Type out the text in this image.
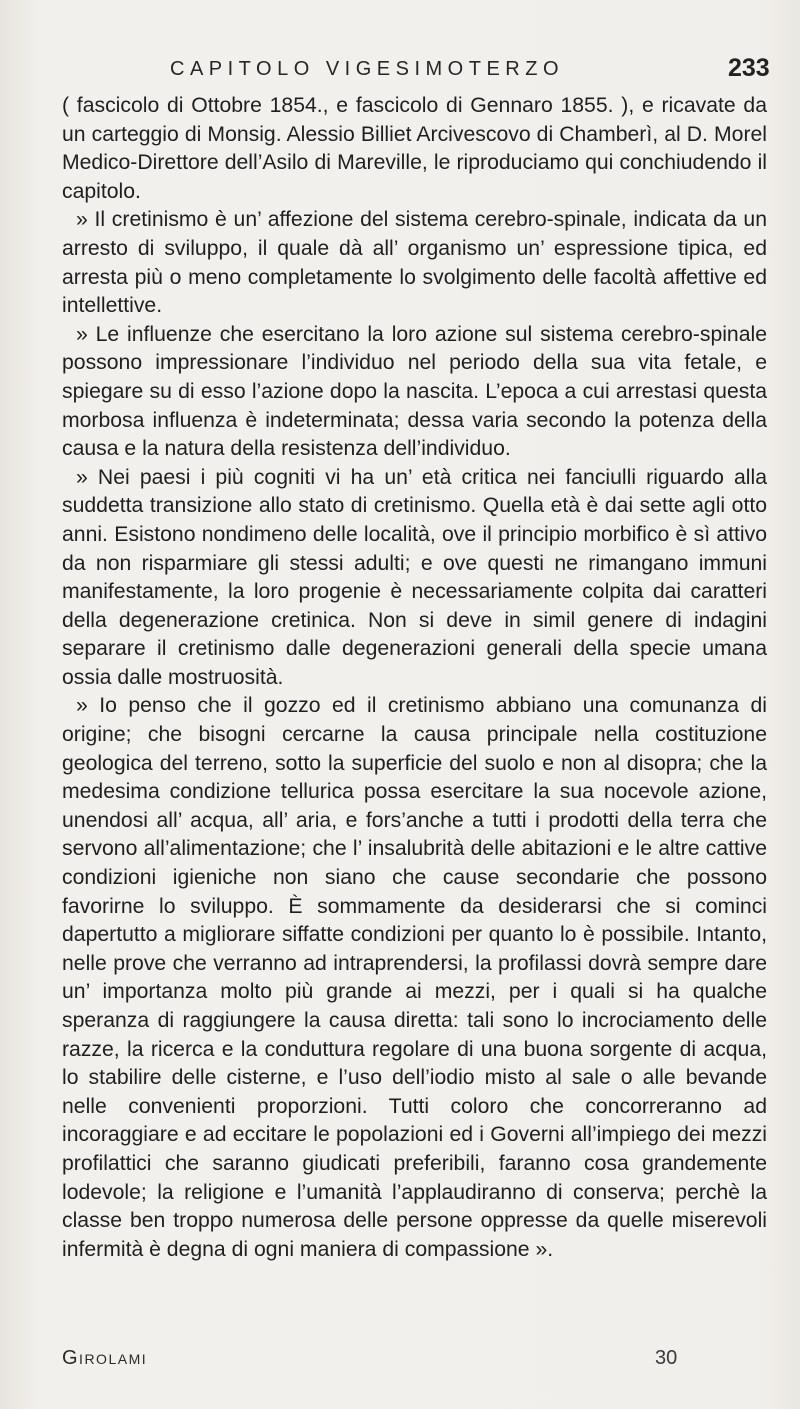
CAPITOLO VIGESIMOTERZO	233

( fascicolo di Ottobre 1854., e fascicolo di Gennaro 1855. ), e ricavate da un carteggio di Monsig. Alessio Billiet Arcivescovo di Chamberì, al D. Morel Medico-Direttore dell’Asilo di Mareville, le riproduciamo qui conchiudendo il capitolo.

» Il cretinismo è un’ affezione del sistema cerebro-spinale, indicata da un arresto di sviluppo, il quale dà all’ organismo un’ espressione tipica, ed arresta più o meno completamente lo svolgimento delle facoltà affettive ed intellettive.

» Le influenze che esercitano la loro azione sul sistema cerebro-spinale possono impressionare l’individuo nel periodo della sua vita fetale, e spiegare su di esso l’azione dopo la nascita. L’epoca a cui arrestasi questa morbosa influenza è indeterminata; dessa varia secondo la potenza della causa e la natura della resistenza dell’individuo.

» Nei paesi i più cogniti vi ha un’ età critica nei fanciulli riguardo alla suddetta transizione allo stato di cretinismo. Quella età è dai sette agli otto anni. Esistono nondimeno delle località, ove il principio morbifico è sì attivo da non risparmiare gli stessi adulti; e ove questi ne rimangano immuni manifestamente, la loro progenie è necessariamente colpita dai caratteri della degenerazione cretinica. Non si deve in simil genere di indagini separare il cretinismo dalle degenerazioni generali della specie umana ossia dalle mostruosità.

» Io penso che il gozzo ed il cretinismo abbiano una comunanza di origine; che bisogni cercarne la causa principale nella costituzione geologica del terreno, sotto la superficie del suolo e non al disopra; che la medesima condizione tellurica possa esercitare la sua nocevole azione, unendosi all’ acqua, all’ aria, e fors’anche a tutti i prodotti della terra che servono all’alimentazione; che l’ insalubrità delle abitazioni e le altre cattive condizioni igieniche non siano che cause secondarie che possono favorirne lo sviluppo. È sommamente da desiderarsi che si cominci dapertutto a migliorare siffatte condizioni per quanto lo è possibile. Intanto, nelle prove che verranno ad intraprendersi, la profilassi dovrà sempre dare un’ importanza molto più grande ai mezzi, per i quali si ha qualche speranza di raggiungere la causa diretta: tali sono lo incrociamento delle razze, la ricerca e la conduttura regolare di una buona sorgente di acqua, lo stabilire delle cisterne, e l’uso dell’iodio misto al sale o alle bevande nelle convenienti proporzioni. Tutti coloro che concorreranno ad incoraggiare e ad eccitare le popolazioni ed i Governi all’impiego dei mezzi profilattici che saranno giudicati preferibili, faranno cosa grandemente lodevole; la religione e l’umanità l’applaudiranno di conserva; perchè la classe ben troppo numerosa delle persone oppresse da quelle miserevoli infermità è degna di ogni maniera di compassione ».

Girolami	30
